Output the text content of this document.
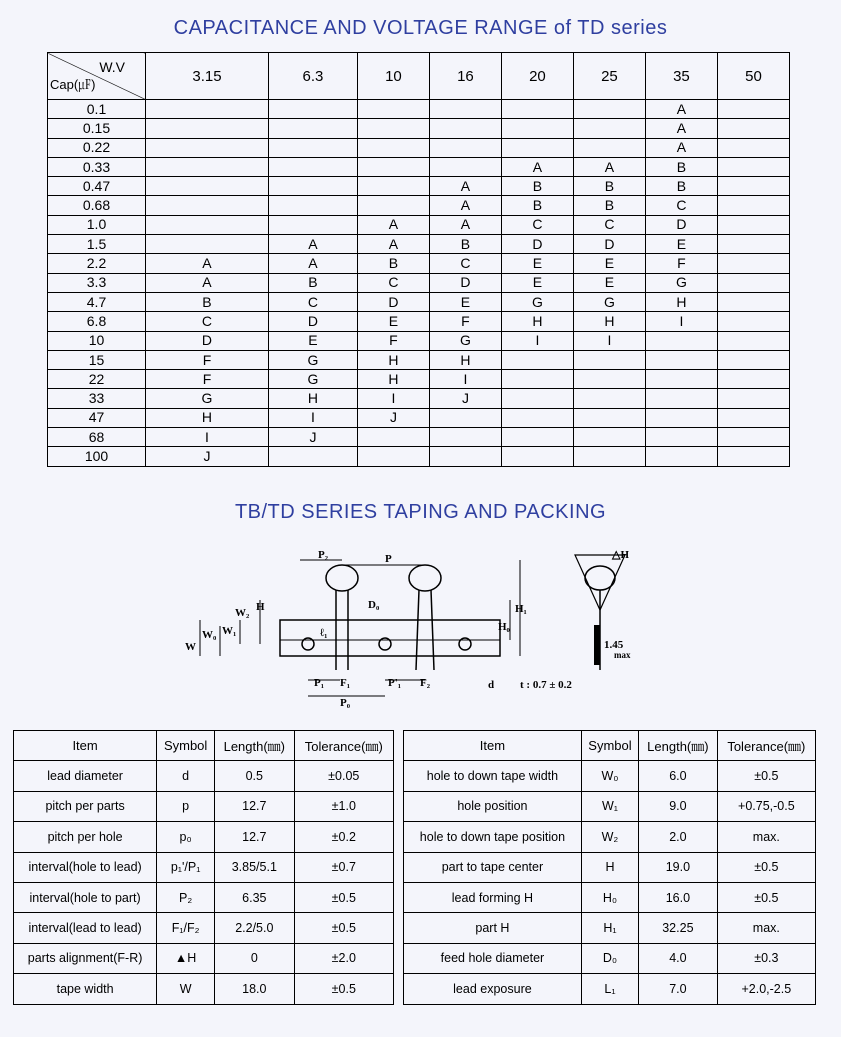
CAPACITANCE AND VOLTAGE RANGE of TD series
W.V
Cap(㎌)	3.15	6.3	10	16	20	25	35	50
0.1							A	
0.15							A	
0.22							A	
0.33					A	A	B	
0.47				A	B	B	B	
0.68				A	B	B	C	
1.0			A	A	C	C	D	
1.5		A	A	B	D	D	E	
2.2	A	A	B	C	E	E	F	
3.3	A	B	C	D	E	E	G	
4.7	B	C	D	E	G	G	H	
6.8	C	D	E	F	H	H	I	
10	D	E	F	G	I	I		
15	F	G	H	H				
22	F	G	H	I				
33	G	H	I	J				
47	H	I	J					
68	I	J						
100	J							
TB/TD SERIES TAPING AND PACKING
P₂	P	△H
W₂ H	D₀	H₁
W₀ W₁	H₀
W
ℓ₁
1.45
max
P₁ F₁	P'₁ F₂	d
P₀
t : 0.7 ± 0.2
Item	Symbol	Length(㎜)	Tolerance(㎜)
lead diameter	d	0.5	±0.05
pitch per parts	p	12.7	±1.0
pitch per hole	p₀	12.7	±0.2
interval(hole to lead)	p₁'/P₁	3.85/5.1	±0.7
interval(hole to part)	P₂	6.35	±0.5
interval(lead to lead)	F₁/F₂	2.2/5.0	±0.5
parts alignment(F-R)	▲H	0	±2.0
tape width	W	18.0	±0.5
Item	Symbol	Length(㎜)	Tolerance(㎜)
hole to down tape width	W₀	6.0	±0.5
hole position	W₁	9.0	+0.75,-0.5
hole to down tape position	W₂	2.0	max.
part to tape center	H	19.0	±0.5
lead forming H	H₀	16.0	±0.5
part H	H₁	32.25	max.
feed hole diameter	D₀	4.0	±0.3
lead exposure	L₁	7.0	+2.0,-2.5
